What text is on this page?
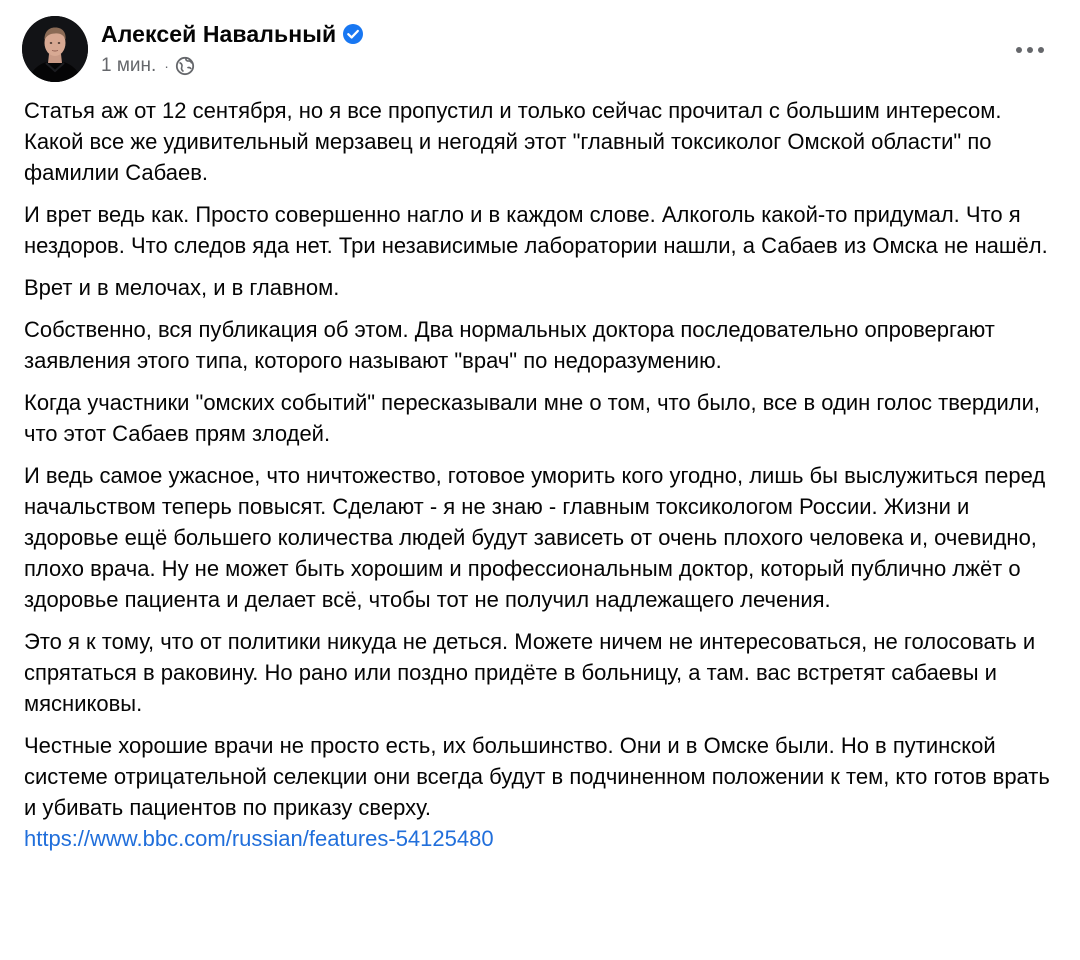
Алексей Навальный
1 мин. ·

Статья аж от 12 сентября, но я все пропустил и только сейчас прочитал с большим интересом.
Какой все же удивительный мерзавец и негодяй этот "главный токсиколог Омской области" по фамилии Сабаев.

И врет ведь как. Просто совершенно нагло и в каждом слове. Алкоголь какой-то придумал. Что я нездоров. Что следов яда нет. Три независимые лаборатории нашли, а Сабаев из Омска не нашёл.

Врет и в мелочах, и в главном.

Собственно, вся публикация об этом. Два нормальных доктора последовательно опровергают заявления этого типа, которого называют "врач" по недоразумению.

Когда участники "омских событий" пересказывали мне о том, что было, все в один голос твердили, что этот Сабаев прям злодей.

И ведь самое ужасное, что ничтожество, готовое уморить кого угодно, лишь бы выслужиться перед начальством теперь повысят. Сделают - я не знаю - главным токсикологом России. Жизни и здоровье ещё большего количества людей будут зависеть от очень плохого человека и, очевидно, плохо врача. Ну не может быть хорошим и профессиональным доктор, который публично лжёт о здоровье пациента и делает всё, чтобы тот не получил надлежащего лечения.

Это я к тому, что от политики никуда не деться. Можете ничем не интересоваться, не голосовать и спрятаться в раковину. Но рано или поздно придёте в больницу, а там. вас встретят сабаевы и мясниковы.

Честные хорошие врачи не просто есть, их большинство. Они и в Омске были. Но в путинской системе отрицательной селекции они всегда будут в подчиненном положении к тем, кто готов врать и убивать пациентов по приказу сверху.
https://www.bbc.com/russian/features-54125480
